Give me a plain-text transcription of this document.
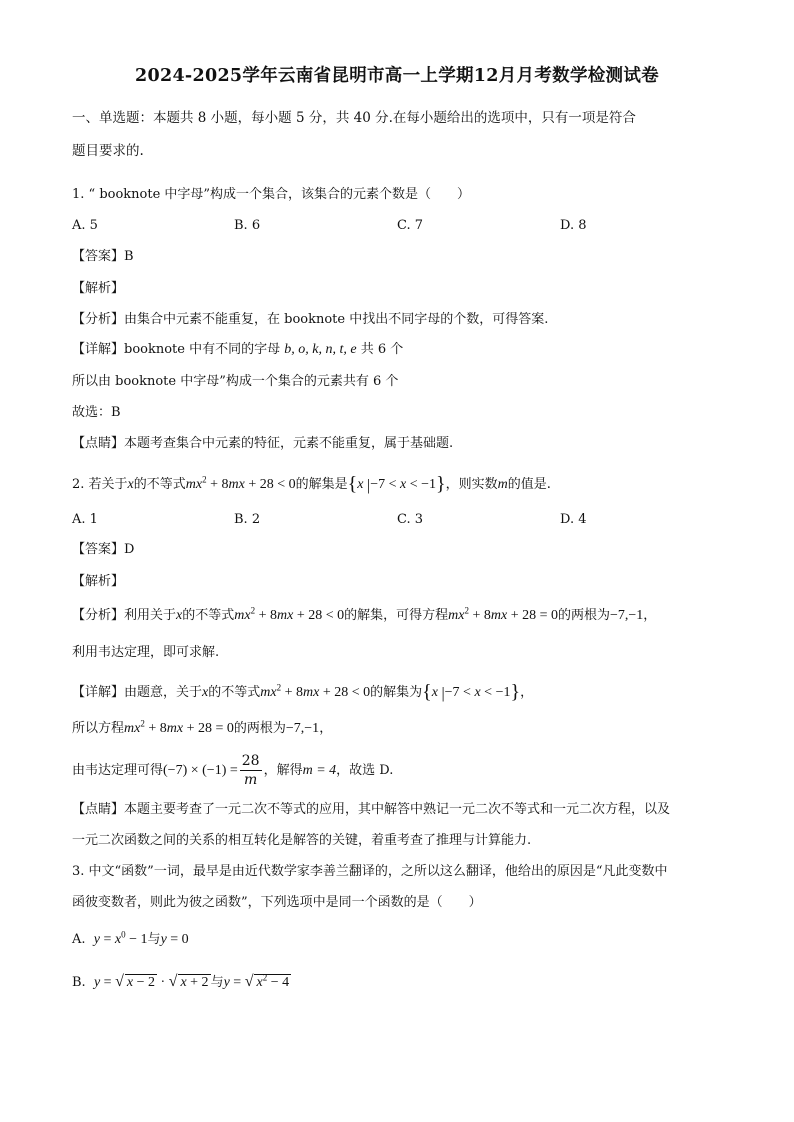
2024-2025学年云南省昆明市高一上学期12月月考数学检测试卷
一、单选题：本题共 8 小题，每小题 5 分，共 40 分.在每小题给出的选项中，只有一项是符合
题目要求的.
1. “ booknote 中字母”构成一个集合，该集合的元素个数是（　　）
A. 5	B. 6	C. 7	D. 8
【答案】B
【解析】
【分析】由集合中元素不能重复，在 booknote 中找出不同字母的个数，可得答案.
【详解】booknote 中有不同的字母 b, o, k, n, t, e 共 6 个
所以由 booknote 中字母”构成一个集合的元素共有 6 个
故选：B
【点睛】本题考查集合中元素的特征，元素不能重复，属于基础题.
2. 若关于x的不等式$mx^2 + 8mx + 28 < 0$的解集是{x |−7 < x < −1}，则实数m的值是.
A. 1	B. 2	C. 3	D. 4
【答案】D
【解析】
【分析】利用关于x的不等式$mx^2 + 8mx + 28 < 0$的解集，可得方程$mx^2 + 8mx + 28 = 0$的两根为−7,−1，
利用韦达定理，即可求解.
【详解】由题意，关于x的不等式$mx^2 + 8mx + 28 < 0$的解集为{x |−7 < x < −1}，
所以方程$mx^2 + 8mx + 28 = 0$的两根为−7,−1，
由韦达定理可得$(-7) \times (-1) = \frac{28}{m}$ ，解得m = 4，故选 D.
【点睛】本题主要考查了一元二次不等式的应用，其中解答中熟记一元二次不等式和一元二次方程，以及
一元二次函数之间的关系的相互转化是解答的关键，着重考查了推理与计算能力.
3. 中文“函数”一词，最早是由近代数学家李善兰翻译的，之所以这么翻译，他给出的原因是“凡此变数中
函彼变数者，则此为彼之函数”，下列选项中是同一个函数的是（　　）
A. $y = x^0 - 1$与y = 0
B. y = √ x − 2 · √ x + 2 与y = √ $x^2 - 4$
